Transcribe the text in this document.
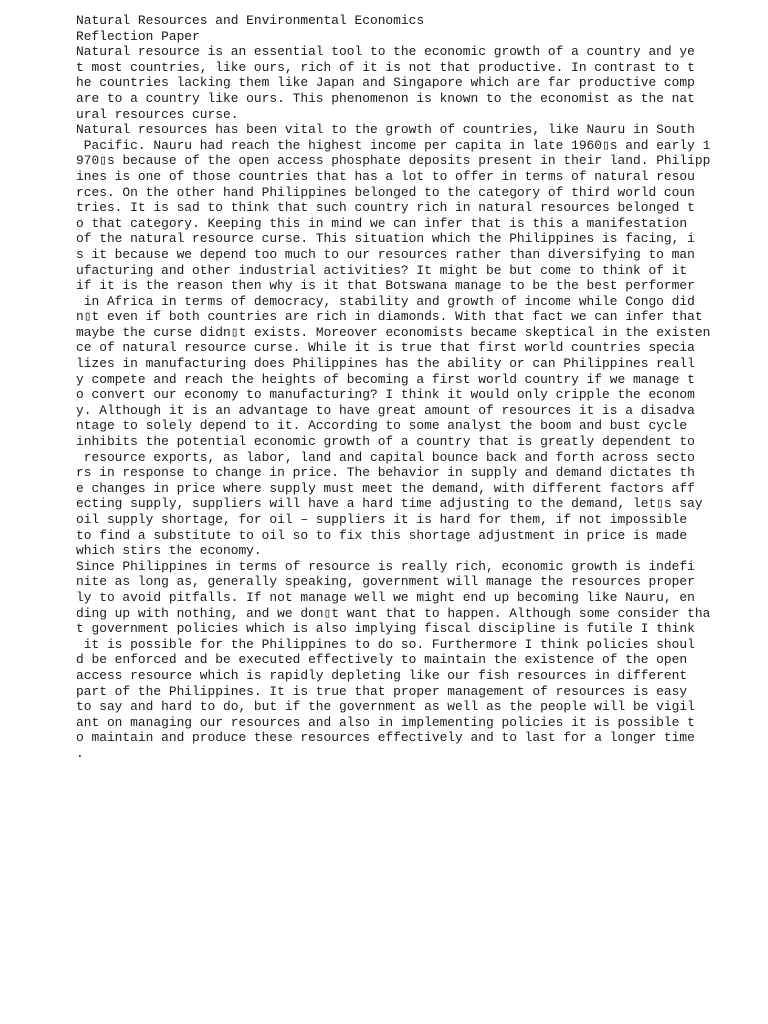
Natural Resources and Environmental Economics
Reflection Paper
Natural resource is an essential tool to the economic growth of a country and ye
t most countries, like ours, rich of it is not that productive. In contrast to t
he countries lacking them like Japan and Singapore which are far productive comp
are to a country like ours. This phenomenon is known to the economist as the nat
ural resources curse.
Natural resources has been vital to the growth of countries, like Nauru in South
Pacific. Nauru had reach the highest income per capita in late 1960▯s and early 1
970▯s because of the open access phosphate deposits present in their land. Philipp
ines is one of those countries that has a lot to offer in terms of natural resou
rces. On the other hand Philippines belonged to the category of third world coun
tries. It is sad to think that such country rich in natural resources belonged t
o that category. Keeping this in mind we can infer that is this a manifestation
of the natural resource curse. This situation which the Philippines is facing, i
s it because we depend too much to our resources rather than diversifying to man
ufacturing and other industrial activities? It might be but come to think of it
if it is the reason then why is it that Botswana manage to be the best performer
in Africa in terms of democracy, stability and growth of income while Congo did
n▯t even if both countries are rich in diamonds. With that fact we can infer that
maybe the curse didn▯t exists. Moreover economists became skeptical in the existen
ce of natural resource curse. While it is true that first world countries specia
lizes in manufacturing does Philippines has the ability or can Philippines reall
y compete and reach the heights of becoming a first world country if we manage t
o convert our economy to manufacturing? I think it would only cripple the econom
y. Although it is an advantage to have great amount of resources it is a disadva
ntage to solely depend to it. According to some analyst the boom and bust cycle
inhibits the potential economic growth of a country that is greatly dependent to
resource exports, as labor, land and capital bounce back and forth across secto
rs in response to change in price. The behavior in supply and demand dictates th
e changes in price where supply must meet the demand, with different factors aff
ecting supply, suppliers will have a hard time adjusting to the demand, let▯s say
oil supply shortage, for oil – suppliers it is hard for them, if not impossible
to find a substitute to oil so to fix this shortage adjustment in price is made
which stirs the economy.
Since Philippines in terms of resource is really rich, economic growth is indefi
nite as long as, generally speaking, government will manage the resources proper
ly to avoid pitfalls. If not manage well we might end up becoming like Nauru, en
ding up with nothing, and we don▯t want that to happen. Although some consider tha
t government policies which is also implying fiscal discipline is futile I think
it is possible for the Philippines to do so. Furthermore I think policies shoul
d be enforced and be executed effectively to maintain the existence of the open
access resource which is rapidly depleting like our fish resources in different
part of the Philippines. It is true that proper management of resources is easy
to say and hard to do, but if the government as well as the people will be vigil
ant on managing our resources and also in implementing policies it is possible t
o maintain and produce these resources effectively and to last for a longer time
.
